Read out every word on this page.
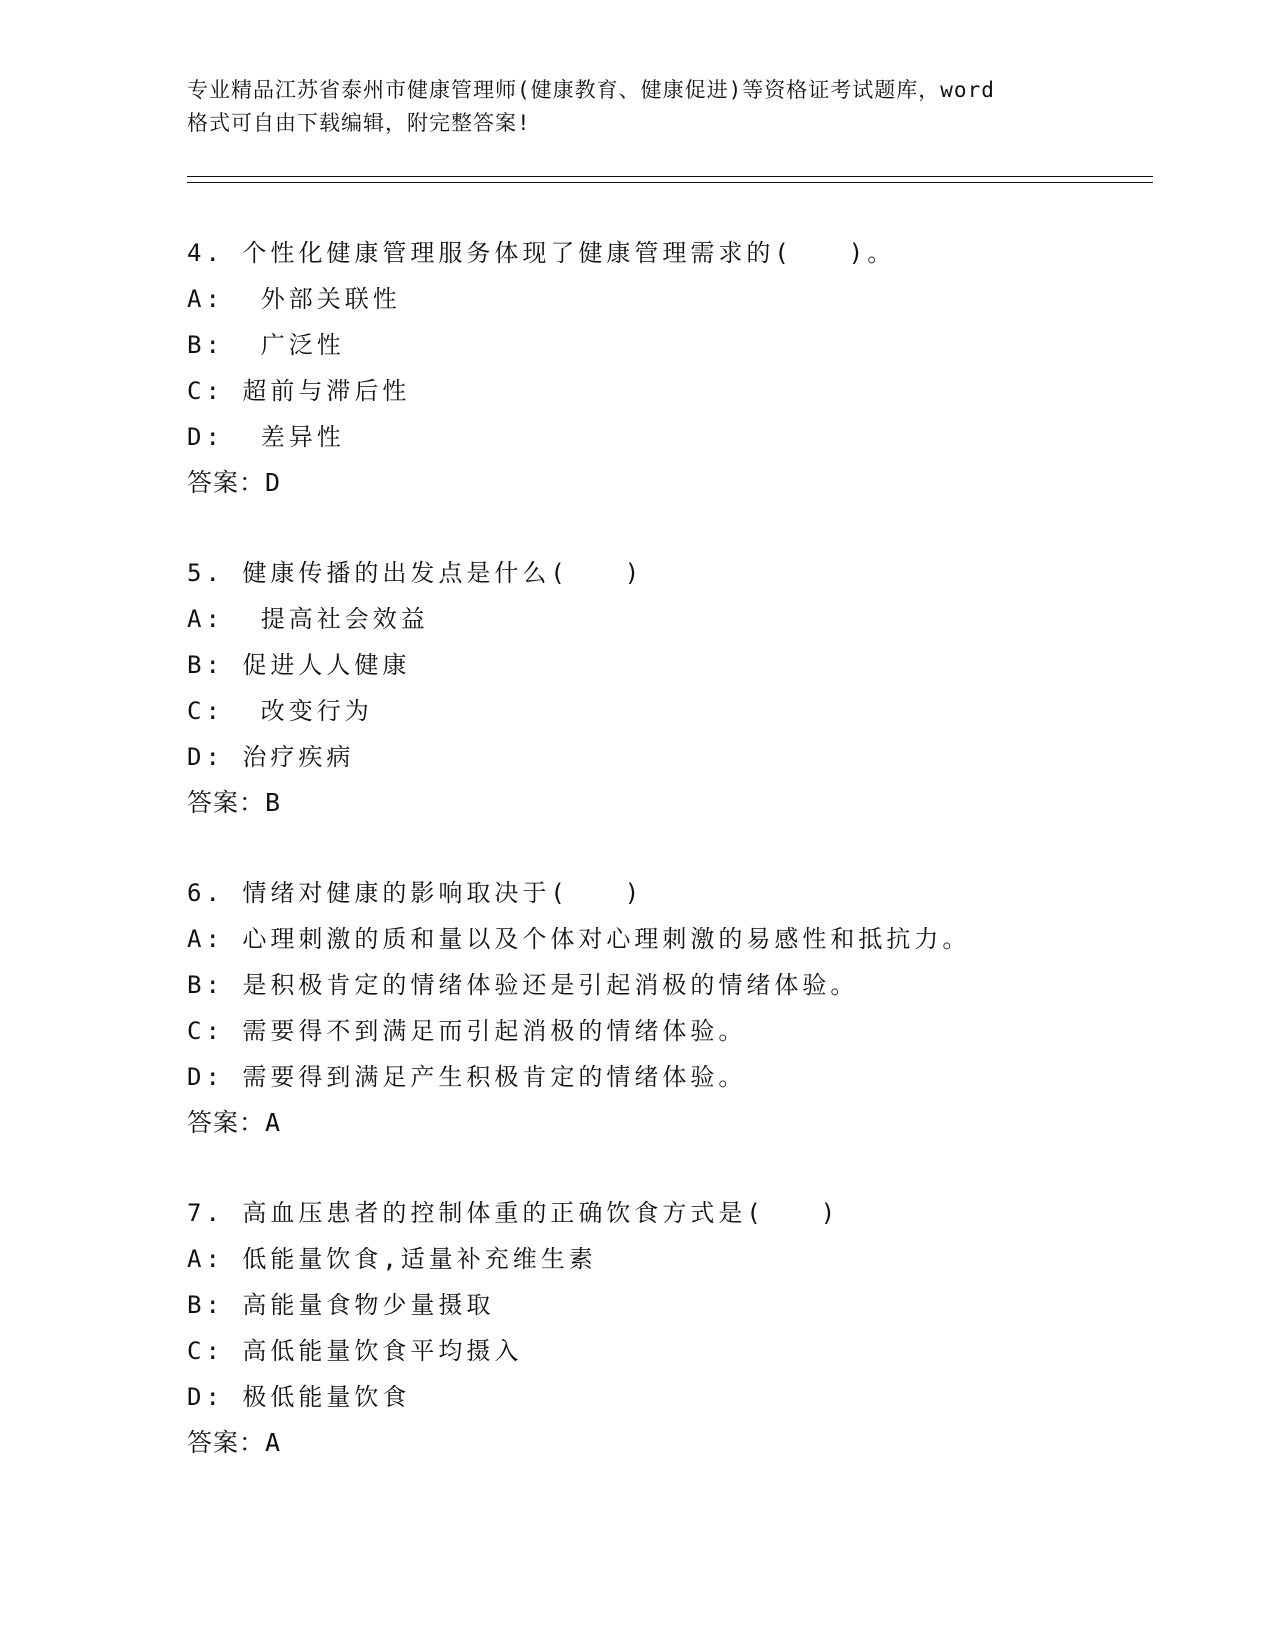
专业精品江苏省泰州市健康管理师(健康教育、健康促进)等资格证考试题库，word
格式可自由下载编辑，附完整答案!
4. 个性化健康管理服务体现了健康管理需求的(　　)。
A:  外部关联性
B:  广泛性
C: 超前与滞后性
D:  差异性
答案：D
5. 健康传播的出发点是什么(　　)
A:  提高社会效益
B: 促进人人健康
C:  改变行为
D: 治疗疾病
答案：B
6. 情绪对健康的影响取决于(　　)
A: 心理刺激的质和量以及个体对心理刺激的易感性和抵抗力。
B: 是积极肯定的情绪体验还是引起消极的情绪体验。
C: 需要得不到满足而引起消极的情绪体验。
D: 需要得到满足产生积极肯定的情绪体验。
答案：A
7. 高血压患者的控制体重的正确饮食方式是(　　)
A: 低能量饮食,适量补充维生素
B: 高能量食物少量摄取
C: 高低能量饮食平均摄入
D: 极低能量饮食
答案：A
